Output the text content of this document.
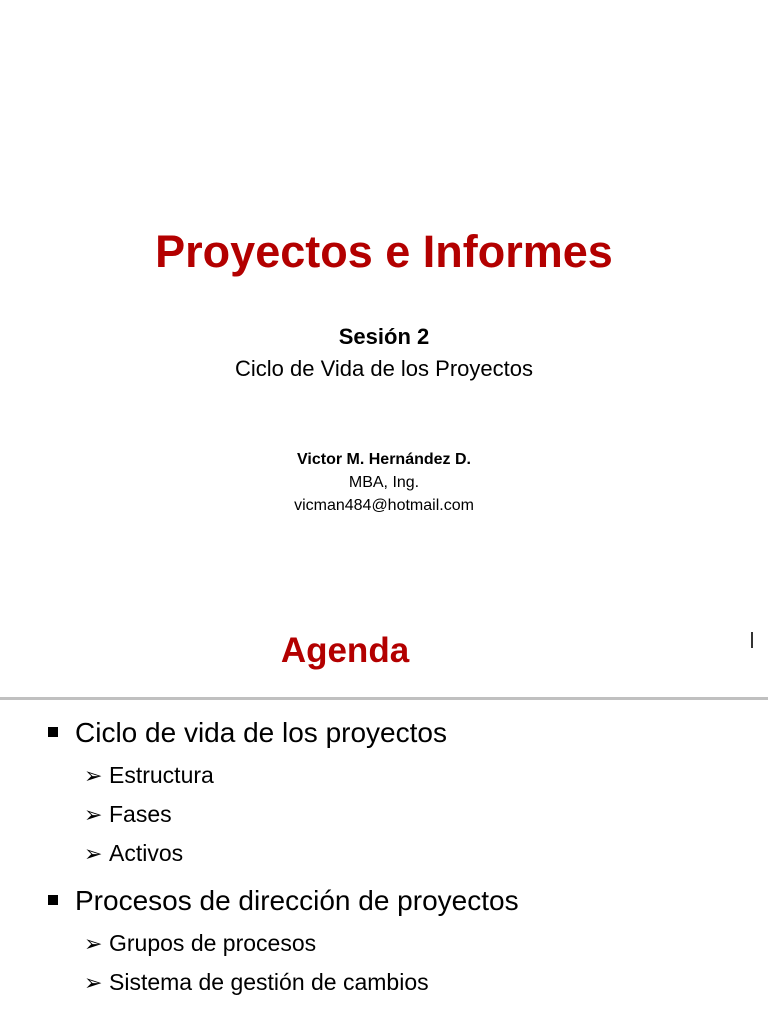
Proyectos e Informes
Sesión 2
Ciclo de Vida de los Proyectos
Victor M. Hernández D.
MBA, Ing.
vicman484@hotmail.com
Agenda
Ciclo de vida de los proyectos
➢ Estructura
➢ Fases
➢ Activos
Procesos de dirección de proyectos
➢ Grupos de procesos
➢ Sistema de gestión de cambios
